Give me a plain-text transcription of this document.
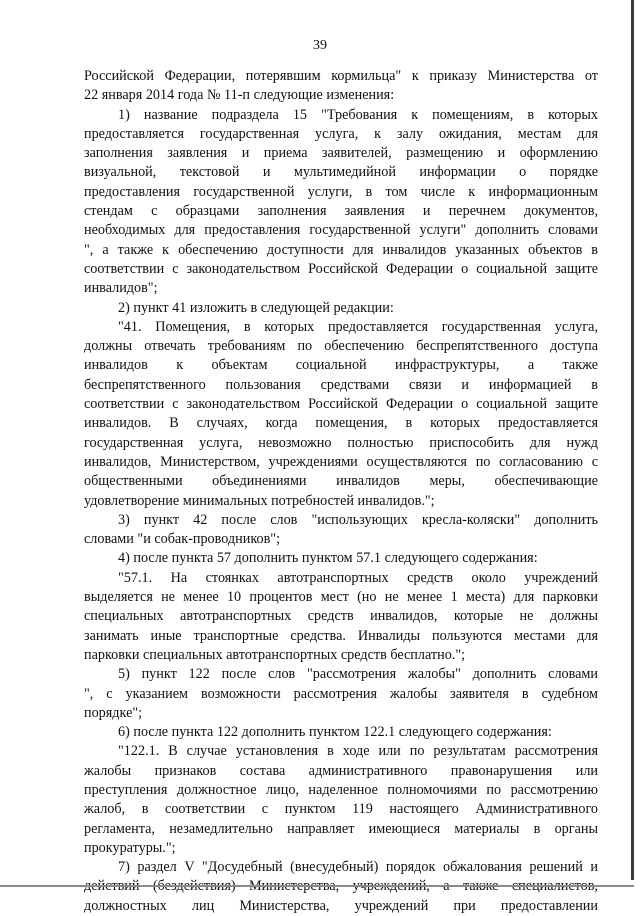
39
Российской Федерации, потерявшим кормильца" к приказу Министерства от
22 января 2014 года № 11-п следующие изменения:
1) название подраздела 15 "Требования к помещениям, в которых
предоставляется государственная услуга, к залу ожидания, местам для
заполнения заявления и приема заявителей, размещению и оформлению
визуальной, текстовой и мультимедийной информации о порядке
предоставления государственной услуги, в том числе к информационным
стендам с образцами заполнения заявления и перечнем документов,
необходимых для предоставления государственной услуги" дополнить словами
", а также к обеспечению доступности для инвалидов указанных объектов в
соответствии с законодательством Российской Федерации о социальной защите
инвалидов";
2) пункт 41 изложить в следующей редакции:
"41. Помещения, в которых предоставляется государственная услуга,
должны отвечать требованиям по обеспечению беспрепятственного доступа
инвалидов к объектам социальной инфраструктуры, а также
беспрепятственного пользования средствами связи и информацией в
соответствии с законодательством Российской Федерации о социальной защите
инвалидов. В случаях, когда помещения, в которых предоставляется
государственная услуга, невозможно полностью приспособить для нужд
инвалидов, Министерством, учреждениями осуществляются по согласованию с
общественными объединениями инвалидов меры, обеспечивающие
удовлетворение минимальных потребностей инвалидов.";
3) пункт 42 после слов "использующих кресла-коляски" дополнить
словами "и собак-проводников";
4) после пункта 57 дополнить пунктом 57.1 следующего содержания:
"57.1. На стоянках автотранспортных средств около учреждений
выделяется не менее 10 процентов мест (но не менее 1 места) для парковки
специальных автотранспортных средств инвалидов, которые не должны
занимать иные транспортные средства. Инвалиды пользуются местами для
парковки специальных автотранспортных средств бесплатно.";
5) пункт 122 после слов "рассмотрения жалобы" дополнить словами
", с указанием возможности рассмотрения жалобы заявителя в судебном
порядке";
6) после пункта 122 дополнить пунктом 122.1 следующего содержания:
"122.1. В случае установления в ходе или по результатам рассмотрения
жалобы признаков состава административного правонарушения или
преступления должностное лицо, наделенное полномочиями по рассмотрению
жалоб, в соответствии с пунктом 119 настоящего Административного
регламента, незамедлительно направляет имеющиеся материалы в органы
прокуратуры.";
7) раздел V "Досудебный (внесудебный) порядок обжалования решений и
должностных лиц Министерства, учреждений при предоставлении
